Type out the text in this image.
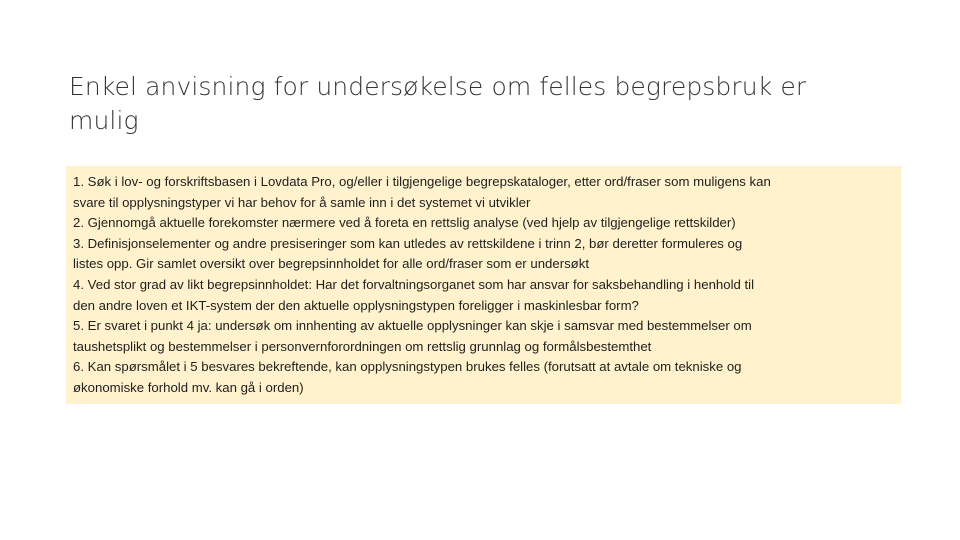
Enkel anvisning for undersøkelse om felles begrepsbruk er mulig
1. Søk i lov- og forskriftsbasen i Lovdata Pro, og/eller i tilgjengelige begrepskataloger, etter ord/fraser som muligens kan
svare til opplysningstyper vi har behov for å samle inn i det systemet vi utvikler
2. Gjennomgå aktuelle forekomster nærmere ved å foreta en rettslig analyse (ved hjelp av tilgjengelige rettskilder)
3. Definisjonselementer og andre presiseringer som kan utledes av rettskildene i trinn 2, bør deretter formuleres og
listes opp. Gir samlet oversikt over begrepsinnholdet for alle ord/fraser som er undersøkt
4. Ved stor grad av likt begrepsinnholdet: Har det forvaltningsorganet som har ansvar for saksbehandling i henhold til
den andre loven et IKT-system der den aktuelle opplysningstypen foreligger i maskinlesbar form?
5. Er svaret i punkt 4 ja: undersøk om innhenting av aktuelle opplysninger kan skje i samsvar med bestemmelser om
taushetsplikt og bestemmelser i personvernforordningen om rettslig grunnlag og formålsbestemthet
6. Kan spørsmålet i 5 besvares bekreftende, kan opplysningstypen brukes felles (forutsatt at avtale om tekniske og
økonomiske forhold mv. kan gå i orden)
